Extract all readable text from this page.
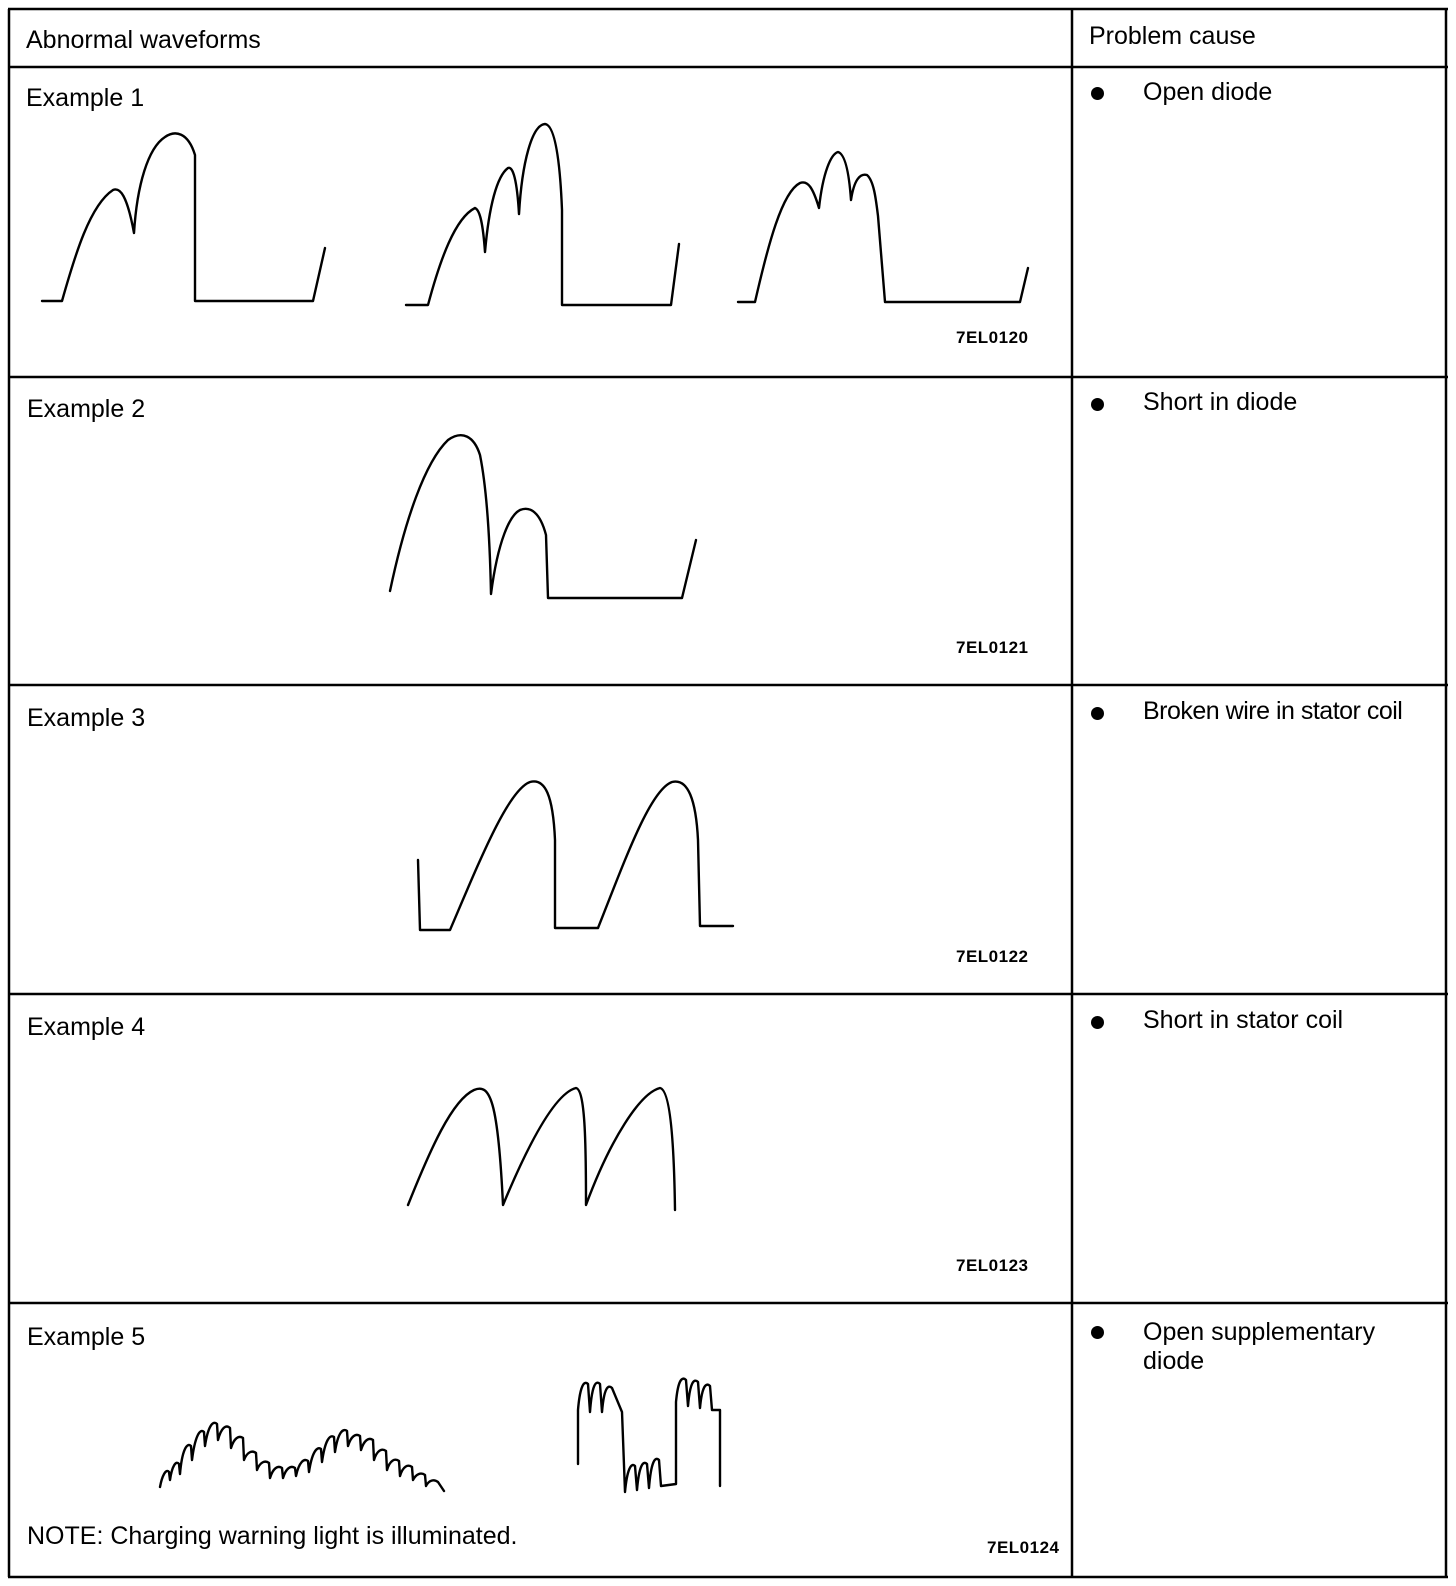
Abnormal waveforms	Problem cause
Example 1
7EL0120
Open diode
Example 2
7EL0121
Short in diode
Example 3
7EL0122
Broken wire in stator coil
Example 4
7EL0123
Short in stator coil
Example 5
NOTE: Charging warning light is illuminated.	7EL0124
Open supplementary diode
